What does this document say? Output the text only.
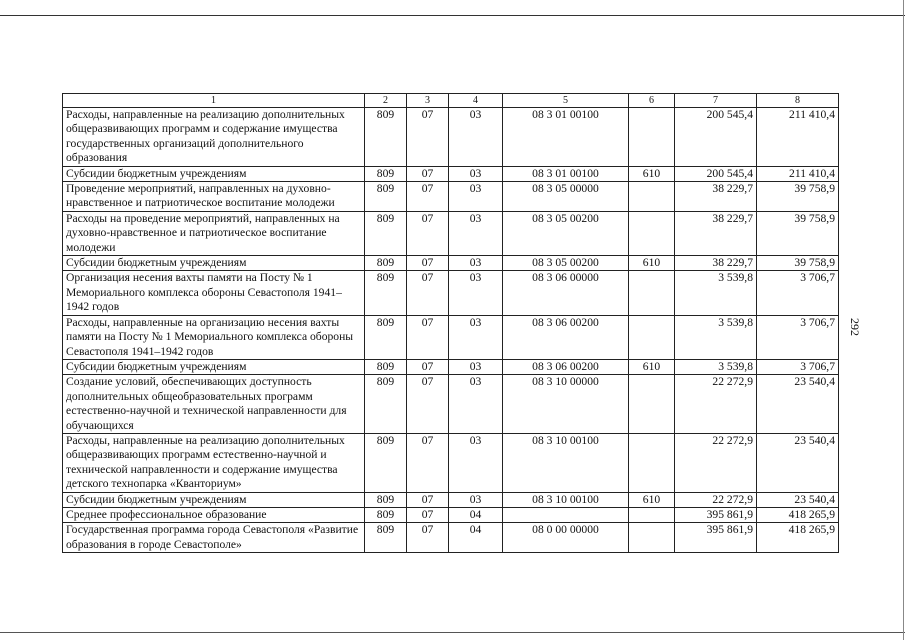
292
1	2	3	4	5	6	7	8
Расходы, направленные на реализацию дополнительных общеразвивающих программ и содержание имущества государственных организаций дополнительного образования	809	07	03	08 3 01 00100		200 545,4	211 410,4
Субсидии бюджетным учреждениям	809	07	03	08 3 01 00100	610	200 545,4	211 410,4
Проведение мероприятий, направленных на духовно-нравственное и патриотическое воспитание молодежи	809	07	03	08 3 05 00000		38 229,7	39 758,9
Расходы на проведение мероприятий, направленных на духовно-нравственное и патриотическое воспитание молодежи	809	07	03	08 3 05 00200		38 229,7	39 758,9
Субсидии бюджетным учреждениям	809	07	03	08 3 05 00200	610	38 229,7	39 758,9
Организация несения вахты памяти на Посту № 1 Мемориального комплекса обороны Севастополя 1941–1942 годов	809	07	03	08 3 06 00000		3 539,8	3 706,7
Расходы, направленные на организацию несения вахты памяти на Посту № 1 Мемориального комплекса обороны Севастополя 1941–1942 годов	809	07	03	08 3 06 00200		3 539,8	3 706,7
Субсидии бюджетным учреждениям	809	07	03	08 3 06 00200	610	3 539,8	3 706,7
Создание условий, обеспечивающих доступность дополнительных общеобразовательных программ естественно-научной и технической направленности для обучающихся	809	07	03	08 3 10 00000		22 272,9	23 540,4
Расходы, направленные на реализацию дополнительных общеразвивающих программ естественно-научной и технической направленности и содержание имущества детского технопарка «Кванториум»	809	07	03	08 3 10 00100		22 272,9	23 540,4
Субсидии бюджетным учреждениям	809	07	03	08 3 10 00100	610	22 272,9	23 540,4
Среднее профессиональное образование	809	07	04			395 861,9	418 265,9
Государственная программа города Севастополя «Развитие образования в городе Севастополе»	809	07	04	08 0 00 00000		395 861,9	418 265,9
